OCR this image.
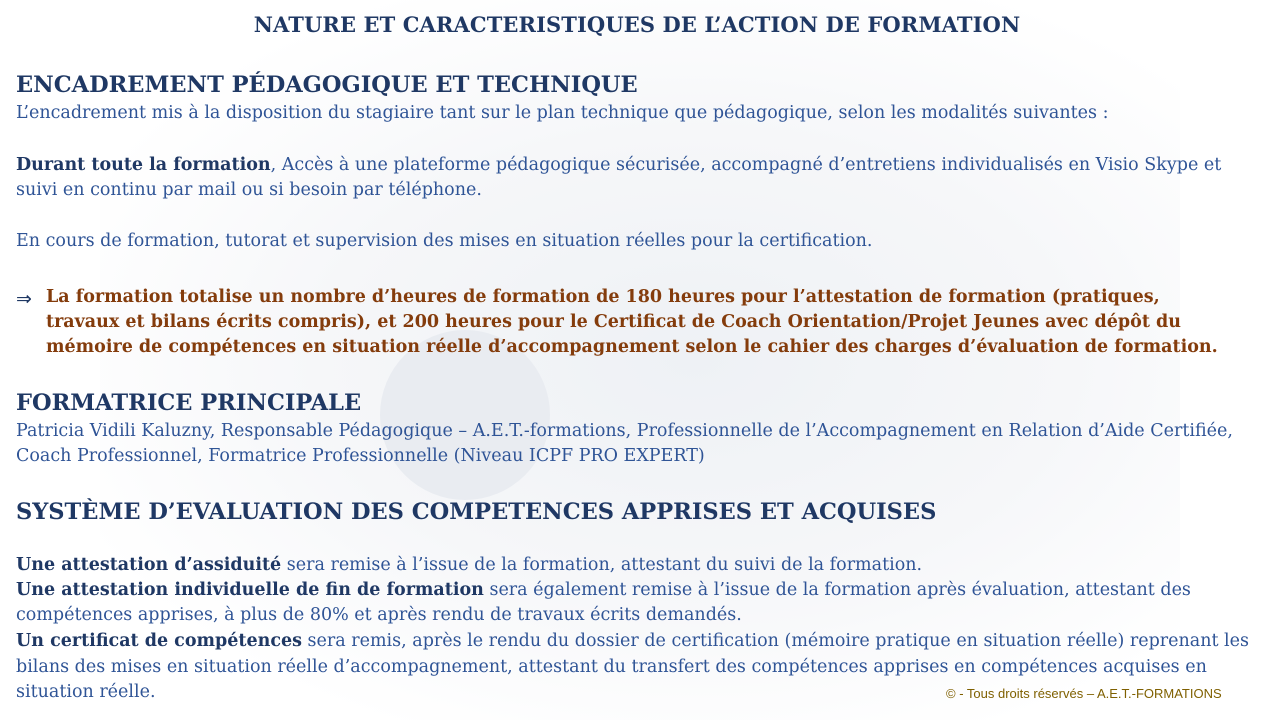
NATURE ET CARACTERISTIQUES DE L’ACTION DE FORMATION
ENCADREMENT PÉDAGOGIQUE ET TECHNIQUE
L’encadrement mis à la disposition du stagiaire tant sur le plan technique que pédagogique, selon les modalités suivantes :
Durant toute la formation, Accès à une plateforme pédagogique sécurisée, accompagné d’entretiens individualisés en Visio Skype et
suivi en continu par mail ou si besoin par téléphone.
En cours de formation, tutorat et supervision des mises en situation réelles pour la certification.
⇒ La formation totalise un nombre d’heures de formation de 180 heures pour l’attestation de formation (pratiques,
travaux et bilans écrits compris), et 200 heures pour le Certificat de Coach Orientation/Projet Jeunes avec dépôt du
mémoire de compétences en situation réelle d’accompagnement selon le cahier des charges d’évaluation de formation.
FORMATRICE PRINCIPALE
Patricia Vidili Kaluzny, Responsable Pédagogique – A.E.T.-formations, Professionnelle de l’Accompagnement en Relation d’Aide Certifiée,
Coach Professionnel, Formatrice Professionnelle (Niveau ICPF PRO EXPERT)
SYSTÈME D’EVALUATION DES COMPETENCES APPRISES ET ACQUISES
Une attestation d’assiduité sera remise à l’issue de la formation, attestant du suivi de la formation.
Une attestation individuelle de fin de formation sera également remise à l’issue de la formation après évaluation, attestant des
compétences apprises, à plus de 80% et après rendu de travaux écrits demandés.
Un certificat de compétences sera remis, après le rendu du dossier de certification (mémoire pratique en situation réelle) reprenant les
bilans des mises en situation réelle d’accompagnement, attestant du transfert des compétences apprises en compétences acquises en
situation réelle.	© - Tous droits réservés – A.E.T.-FORMATIONS
